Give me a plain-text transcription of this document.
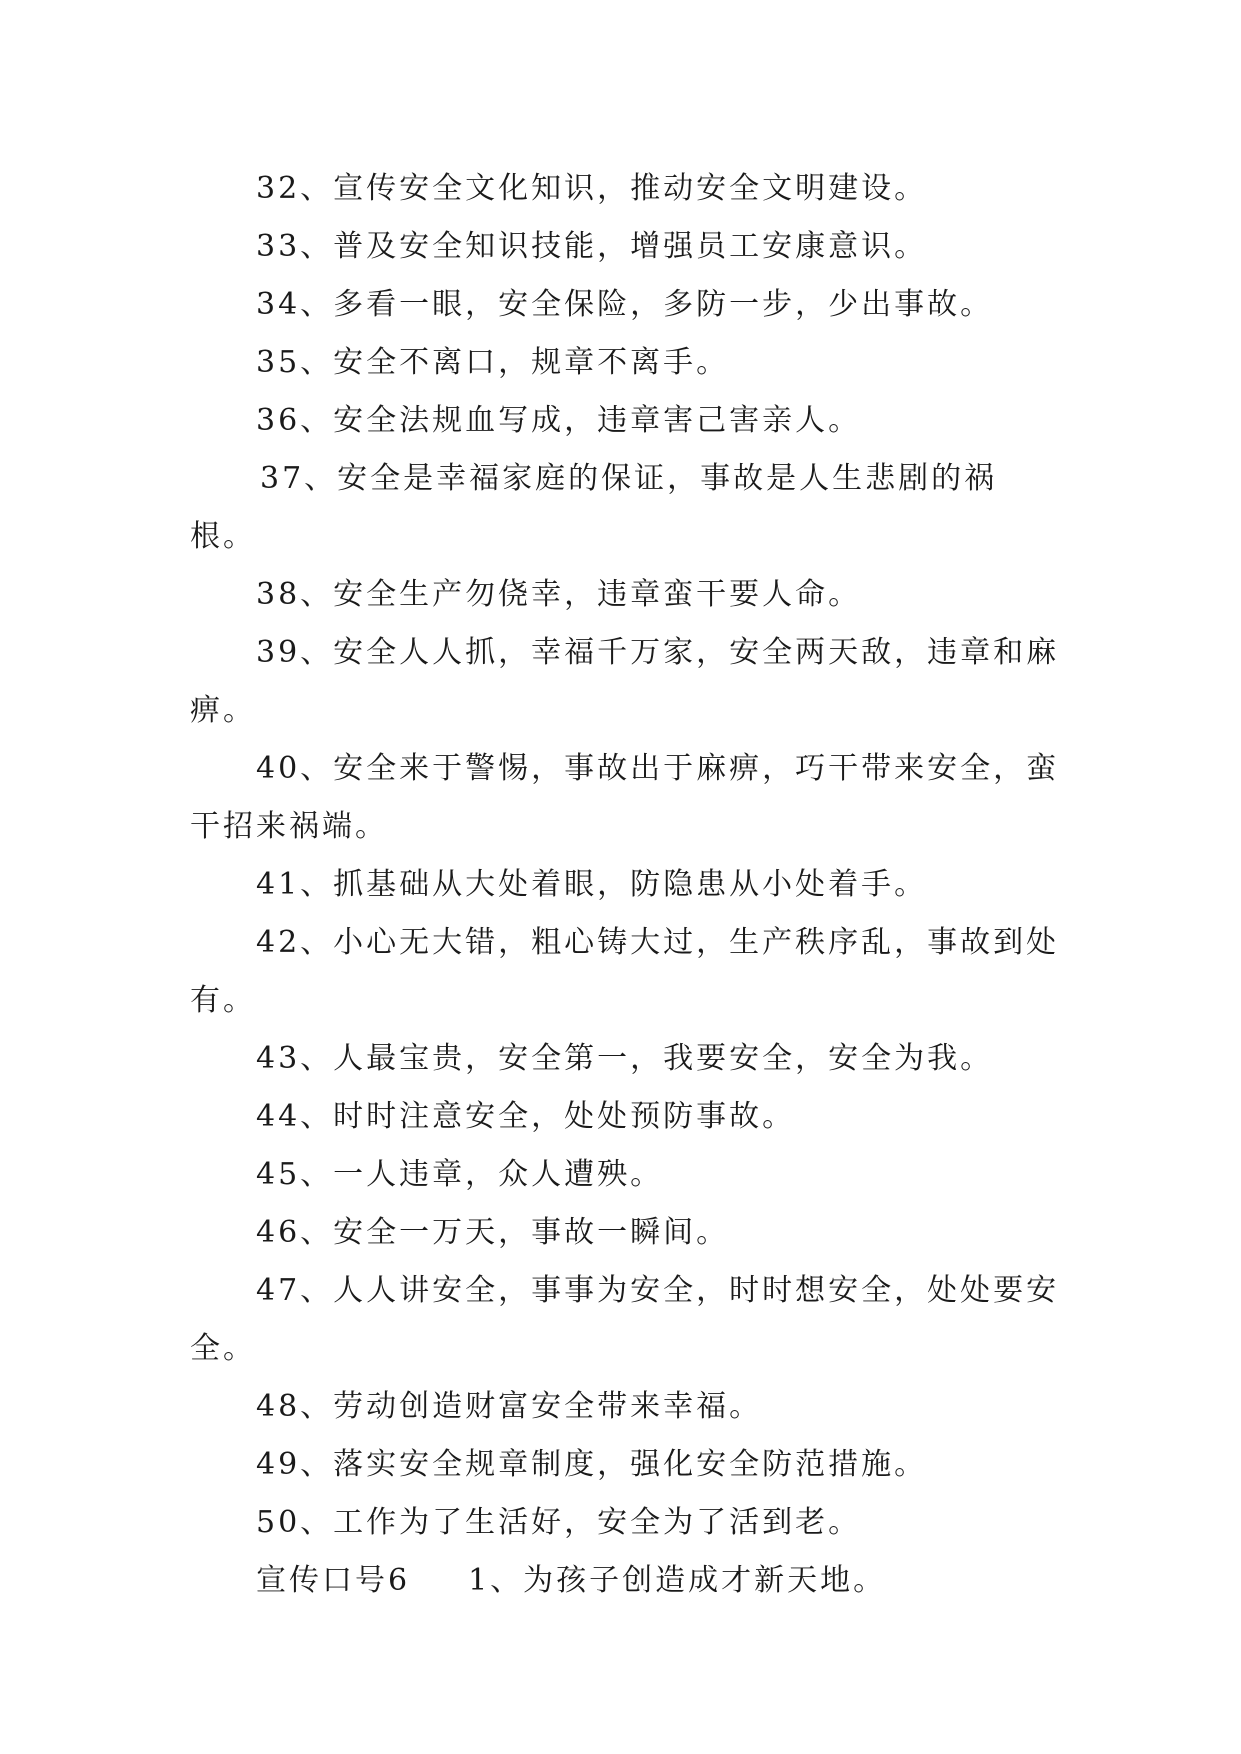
32、宣传安全文化知识，推动安全文明建设。

33、普及安全知识技能，增强员工安康意识。

34、多看一眼，安全保险，多防一步，少出事故。

35、安全不离口，规章不离手。

36、安全法规血写成，违章害己害亲人。

37、安全是幸福家庭的保证，事故是人生悲剧的祸根。

38、安全生产勿侥幸，违章蛮干要人命。

39、安全人人抓，幸福千万家，安全两天敌，违章和麻痹。

40、安全来于警惕，事故出于麻痹，巧干带来安全，蛮干招来祸端。

41、抓基础从大处着眼，防隐患从小处着手。

42、小心无大错，粗心铸大过，生产秩序乱，事故到处有。

43、人最宝贵，安全第一，我要安全，安全为我。

44、时时注意安全，处处预防事故。

45、一人违章，众人遭殃。

46、安全一万天，事故一瞬间。

47、人人讲安全，事事为安全，时时想安全，处处要安全。

48、劳动创造财富安全带来幸福。

49、落实安全规章制度，强化安全防范措施。

50、工作为了生活好，安全为了活到老。

宣传口号6 1、为孩子创造成才新天地。
